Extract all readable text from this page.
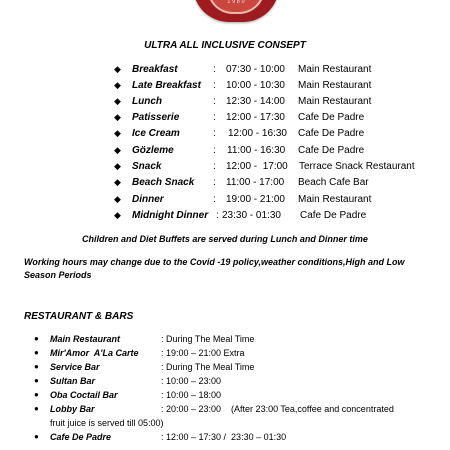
1 9 8 0
ULTRA ALL INCLUSIVE CONSEPT
◆ Breakfast	: 07:30 - 10:00 Main Restaurant
◆ Late Breakfast : 10:00 - 10:30 Main Restaurant
◆ Lunch	: 12:30 - 14:00 Main Restaurant
◆ Patisserie	: 12:00 - 17:30 Cafe De Padre
◆ Ice Cream	: 12:00 - 16:30 Cafe De Padre
◆ Gözleme	: 11:00 - 16:30 Cafe De Padre
◆ Snack	: 12:00 -  17:00 Terrace Snack Restaurant
◆ Beach Snack : 11:00 - 17:00 Beach Cafe Bar
◆ Dinner	: 19:00 - 21:00 Main Restaurant
◆ Midnight Dinner : 23:30 - 01:30 Cafe De Padre
Children and Diet Buffets are served during Lunch and Dinner time
Working hours may change due to the Covid -19 policy,weather conditions,High and Low Season Periods
RESTAURANT & BARS
● Main Restaurant	: During The Meal Time
● Mir'Amor  A'La Carte	: 19:00 – 21:00 Extra
● Service Bar	: During The Meal Time
● Sultan Bar	: 10:00 – 23:00
● Oba Coctail Bar	: 10:00 – 18:00
● Lobby Bar	: 20:00 – 23:00    (After 23:00 Tea,coffee and concentrated
fruit juice is served till 05:00)
● Cafe De Padre	: 12:00 – 17:30 /  23:30 – 01:30
